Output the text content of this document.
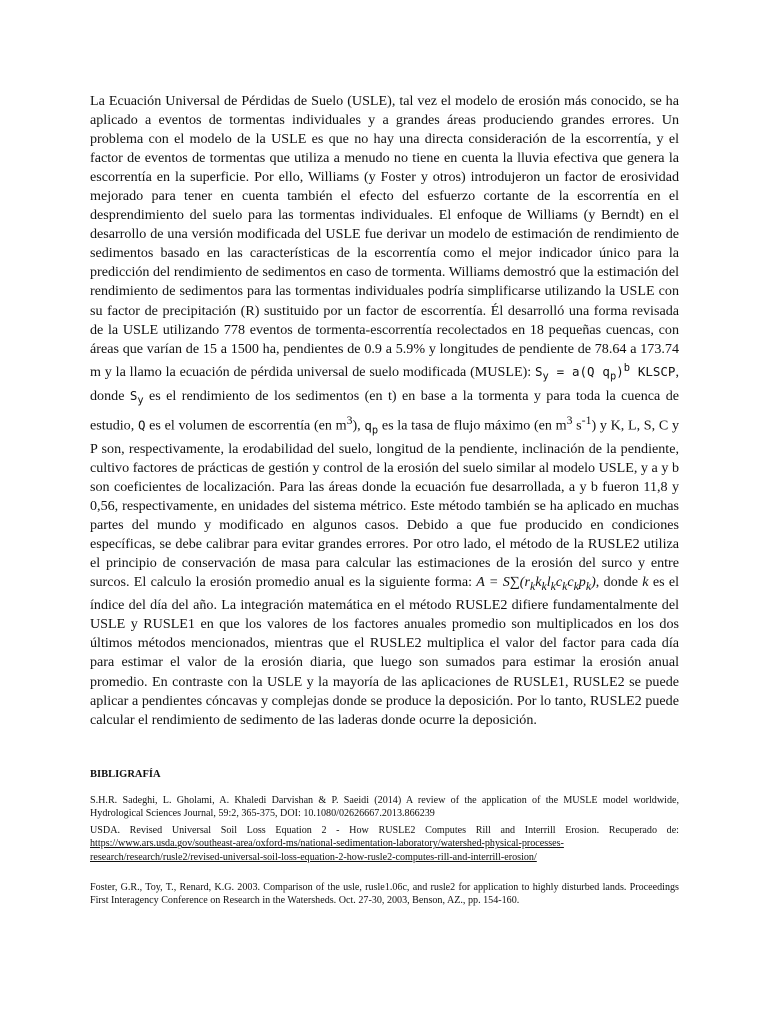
La Ecuación Universal de Pérdidas de Suelo (USLE), tal vez el modelo de erosión más conocido, se ha aplicado a eventos de tormentas individuales y a grandes áreas produciendo grandes errores. Un problema con el modelo de la USLE es que no hay una directa consideración de la escorrentía, y el factor de eventos de tormentas que utiliza a menudo no tiene en cuenta la lluvia efectiva que genera la escorrentía en la superficie. Por ello, Williams (y Foster y otros) introdujeron un factor de erosividad mejorado para tener en cuenta también el efecto del esfuerzo cortante de la escorrentía en el desprendimiento del suelo para las tormentas individuales. El enfoque de Williams (y Berndt) en el desarrollo de una versión modificada del USLE fue derivar un modelo de estimación de rendimiento de sedimentos basado en las características de la escorrentía como el mejor indicador único para la predicción del rendimiento de sedimentos en caso de tormenta. Williams demostró que la estimación del rendimiento de sedimentos para las tormentas individuales podría simplificarse utilizando la USLE con su factor de precipitación (R) sustituido por un factor de escorrentía. Él desarrolló una forma revisada de la USLE utilizando 778 eventos de tormenta-escorrentía recolectados en 18 pequeñas cuencas, con áreas que varían de 15 a 1500 ha, pendientes de 0.9 a 5.9% y longitudes de pendiente de 78.64 a 173.74 m y la llamo la ecuación de pérdida universal de suelo modificada (MUSLE): $S_y = a(Q$ $q_p)^b$ KLSCP, donde $S_y$ es el rendimiento de los sedimentos (en t) en base a la tormenta y para toda la cuenca de estudio, Q es el volumen de escorrentía (en $m^3$), $q_p$ es la tasa de flujo máximo (en $m^3$ $s^{-1}$) y K, L, S, C y P son, respectivamente, la erodabilidad del suelo, longitud de la pendiente, inclinación de la pendiente, cultivo factores de prácticas de gestión y control de la erosión del suelo similar al modelo USLE, y a y b son coeficientes de localización. Para las áreas donde la ecuación fue desarrollada, a y b fueron 11,8 y 0,56, respectivamente, en unidades del sistema métrico. Este método también se ha aplicado en muchas partes del mundo y modificado en algunos casos. Debido a que fue producido en condiciones específicas, se debe calibrar para evitar grandes errores. Por otro lado, el método de la RUSLE2 utiliza el principio de conservación de masa para calcular las estimaciones de la erosión del surco y entre surcos. El calculo la erosión promedio anual es la siguiente forma: $A = S\sum(r_kk_kl_kc_kc_kp_k)$, donde k es el índice del día del año. La integración matemática en el método RUSLE2 difiere fundamentalmente del USLE y RUSLE1 en que los valores de los factores anuales promedio son multiplicados en los dos últimos métodos mencionados, mientras que el RUSLE2 multiplica el valor del factor para cada día para estimar el valor de la erosión diaria, que luego son sumados para estimar la erosión anual promedio. En contraste con la USLE y la mayoría de las aplicaciones de RUSLE1, RUSLE2 se puede aplicar a pendientes cóncavas y complejas donde se produce la deposición. Por lo tanto, RUSLE2 puede calcular el rendimiento de sedimento de las laderas donde ocurre la deposición.

BIBLIGRAFÍA

S.H.R. Sadeghi, L. Gholami, A. Khaledi Darvishan & P. Saeidi (2014) A review of the application of the MUSLE model worldwide, Hydrological Sciences Journal, 59:2, 365-375, DOI: 10.1080/02626667.2013.866239

USDA. Revised Universal Soil Loss Equation 2 - How RUSLE2 Computes Rill and Interrill Erosion. Recuperado de: https://www.ars.usda.gov/southeast-area/oxford-ms/national-sedimentation-laboratory/watershed-physical-processes-research/research/rusle2/revised-universal-soil-loss-equation-2-how-rusle2-computes-rill-and-interrill-erosion/

Foster, G.R., Toy, T., Renard, K.G. 2003. Comparison of the usle, rusle1.06c, and rusle2 for application to highly disturbed lands. Proceedings First Interagency Conference on Research in the Watersheds. Oct. 27-30, 2003, Benson, AZ., pp. 154-160.
